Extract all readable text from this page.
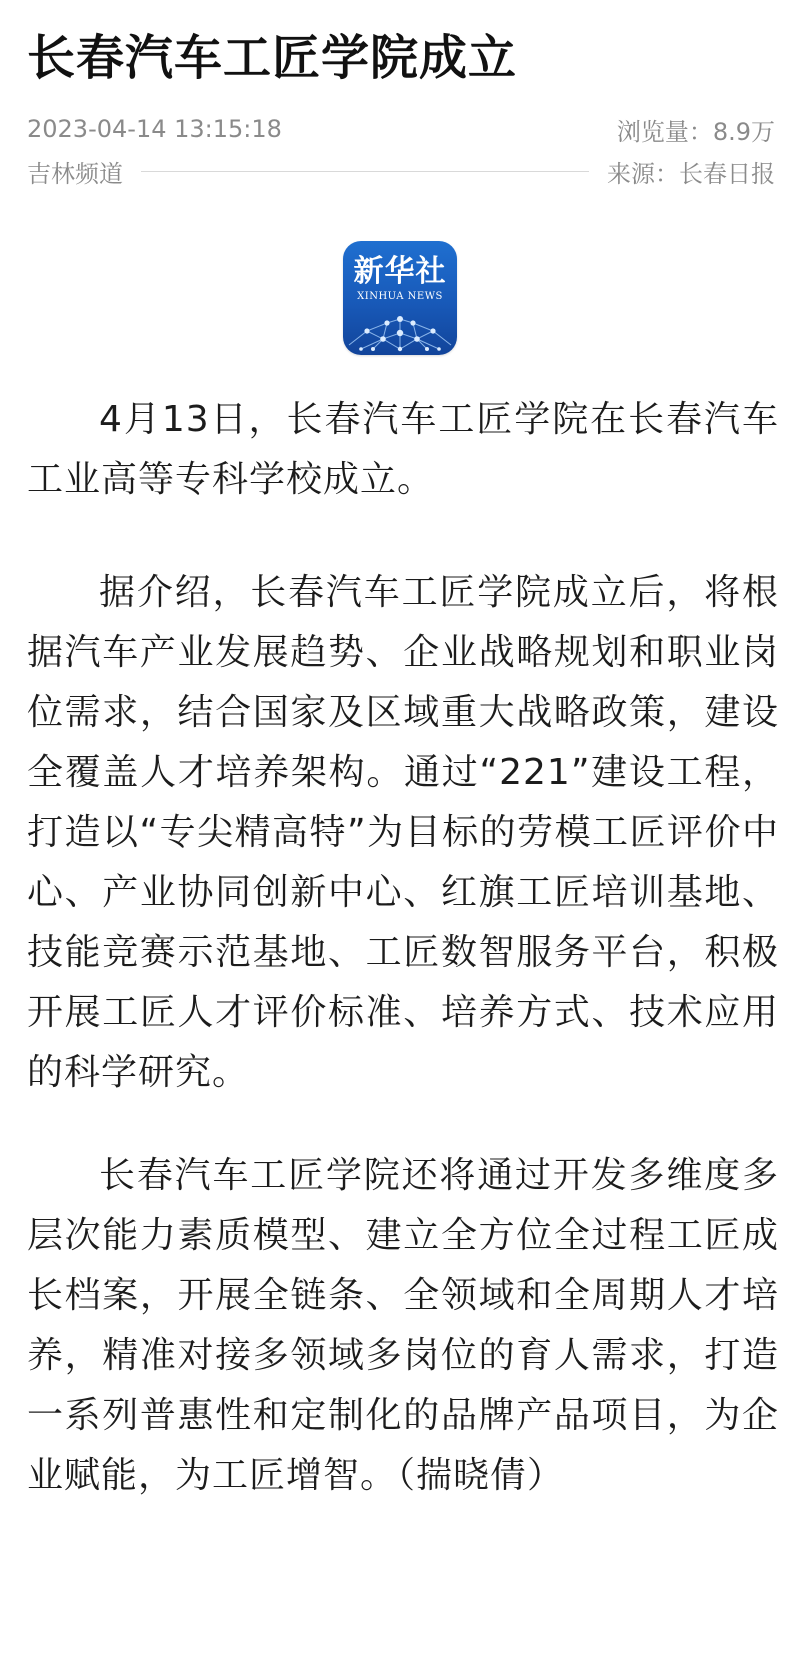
长春汽车工匠学院成立
2023-04-14 13:15:18	浏览量：8.9万
吉林频道	来源：长春日报
新华社
XINHUA NEWS

4月13日，长春汽车工匠学院在长春汽车工业高等专科学校成立。

据介绍，长春汽车工匠学院成立后，将根据汽车产业发展趋势、企业战略规划和职业岗位需求，结合国家及区域重大战略政策，建设全覆盖人才培养架构。通过“221”建设工程，打造以“专尖精高特”为目标的劳模工匠评价中心、产业协同创新中心、红旗工匠培训基地、技能竞赛示范基地、工匠数智服务平台，积极开展工匠人才评价标准、培养方式、技术应用的科学研究。

长春汽车工匠学院还将通过开发多维度多层次能力素质模型、建立全方位全过程工匠成长档案，开展全链条、全领域和全周期人才培养，精准对接多领域多岗位的育人需求，打造一系列普惠性和定制化的品牌产品项目，为企业赋能，为工匠增智。（揣晓倩）
